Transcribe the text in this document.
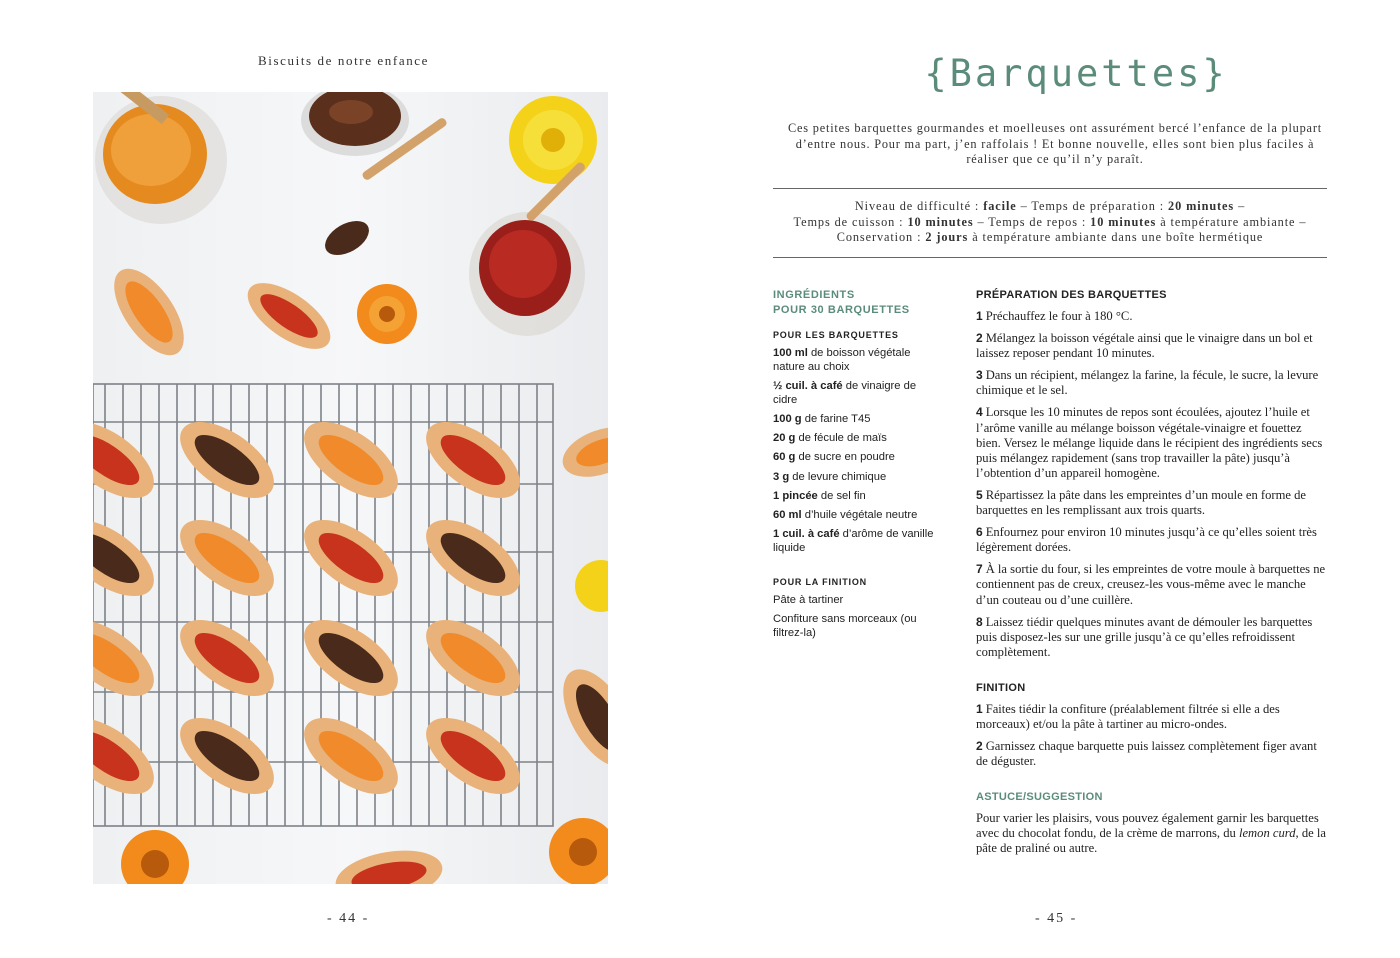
Biscuits de notre enfance
- 44 -
{Barquettes}

Ces petites barquettes gourmandes et moelleuses ont assurément bercé l’enfance de la plupart d’entre nous. Pour ma part, j’en raffolais ! Et bonne nouvelle, elles sont bien plus faciles à réaliser que ce qu’il n’y paraît.

Niveau de difficulté : facile – Temps de préparation : 20 minutes –
Temps de cuisson : 10 minutes – Temps de repos : 10 minutes à température ambiante –
Conservation : 2 jours à température ambiante dans une boîte hermétique
INGRÉDIENTS
POUR 30 BARQUETTES
POUR LES BARQUETTES
100 ml de boisson végétale nature au choix
½ cuil. à café de vinaigre de cidre
100 g de farine T45
20 g de fécule de maïs
60 g de sucre en poudre
3 g de levure chimique
1 pincée de sel fin
60 ml d’huile végétale neutre
1 cuil. à café d’arôme de vanille liquide
POUR LA FINITION
Pâte à tartiner
Confiture sans morceaux (ou filtrez-la)
PRÉPARATION DES BARQUETTES

1 Préchauffez le four à 180 °C.

2 Mélangez la boisson végétale ainsi que le vinaigre dans un bol et laissez reposer pendant 10 minutes.

3 Dans un récipient, mélangez la farine, la fécule, le sucre, la levure chimique et le sel.

4 Lorsque les 10 minutes de repos sont écoulées, ajoutez l’huile et l’arôme vanille au mélange boisson végétale-vinaigre et fouettez bien. Versez le mélange liquide dans le récipient des ingrédients secs puis mélangez rapidement (sans trop travailler la pâte) jusqu’à l’obtention d’un appareil homogène.

5 Répartissez la pâte dans les empreintes d’un moule en forme de barquettes en les remplissant aux trois quarts.

6 Enfournez pour environ 10 minutes jusqu’à ce qu’elles soient très légèrement dorées.

7 À la sortie du four, si les empreintes de votre moule à barquettes ne contiennent pas de creux, creusez-les vous-même avec le manche d’un couteau ou d’une cuillère.

8 Laissez tiédir quelques minutes avant de démouler les barquettes puis disposez-les sur une grille jusqu’à ce qu’elles refroidissent complètement.

FINITION

1 Faites tiédir la confiture (préalablement filtrée si elle a des morceaux) et/ou la pâte à tartiner au micro-ondes.

2 Garnissez chaque barquette puis laissez complètement figer avant de déguster.

ASTUCE/SUGGESTION

Pour varier les plaisirs, vous pouvez également garnir les barquettes avec du chocolat fondu, de la crème de marrons, du lemon curd, de la pâte de praliné ou autre.

- 45 -
